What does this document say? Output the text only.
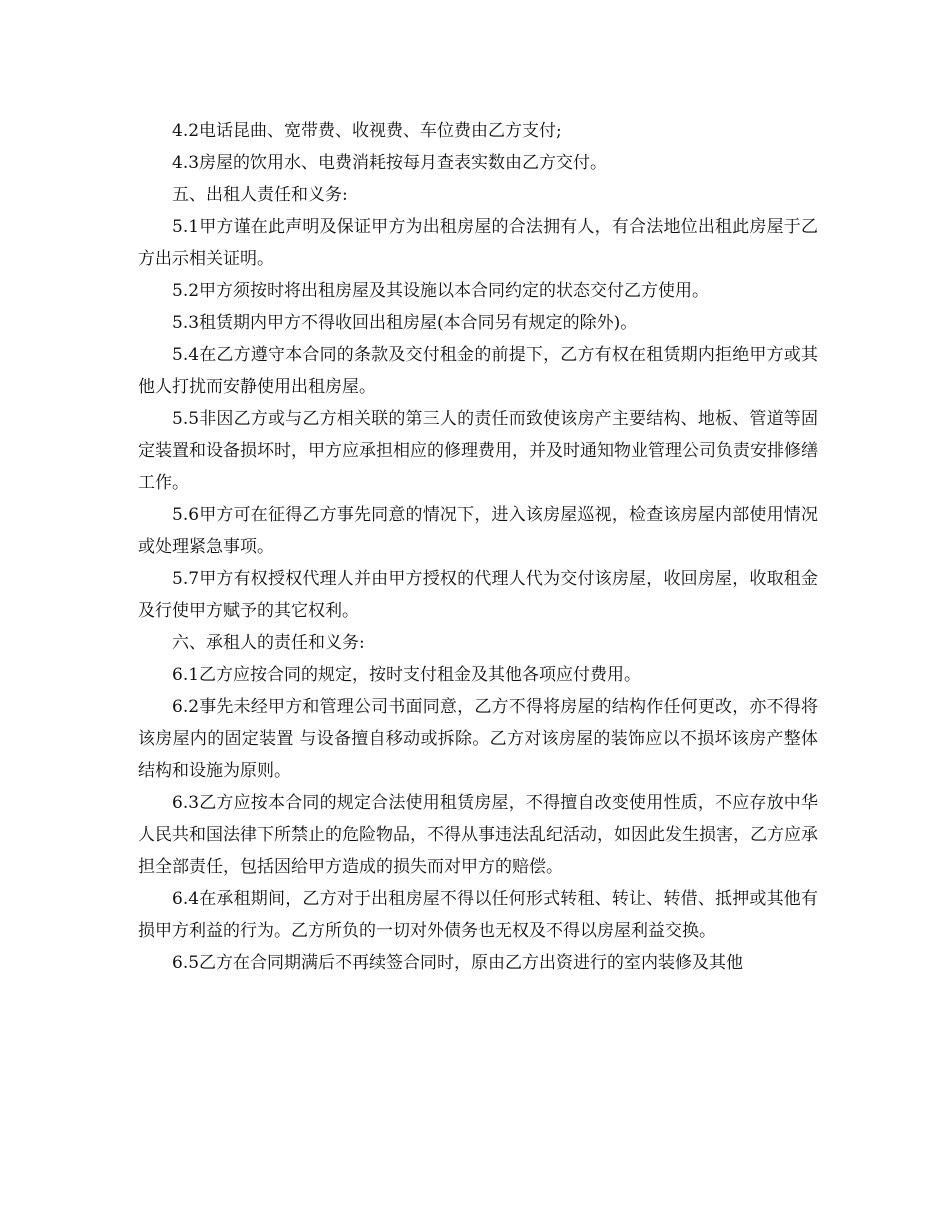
4.2电话昆曲、宽带费、收视费、车位费由乙方支付;

4.3房屋的饮用水、电费消耗按每月查表实数由乙方交付。

五、出租人责任和义务:

5.1甲方谨在此声明及保证甲方为出租房屋的合法拥有人，有合法地位出租此房屋于乙方出示相关证明。

5.2甲方须按时将出租房屋及其设施以本合同约定的状态交付乙方使用。

5.3租赁期内甲方不得收回出租房屋(本合同另有规定的除外)。

5.4在乙方遵守本合同的条款及交付租金的前提下，乙方有权在租赁期内拒绝甲方或其他人打扰而安静使用出租房屋。

5.5非因乙方或与乙方相关联的第三人的责任而致使该房产主要结构、地板、管道等固定装置和设备损坏时，甲方应承担相应的修理费用，并及时通知物业管理公司负责安排修缮工作。

5.6甲方可在征得乙方事先同意的情况下，进入该房屋巡视，检查该房屋内部使用情况或处理紧急事项。

5.7甲方有权授权代理人并由甲方授权的代理人代为交付该房屋，收回房屋，收取租金及行使甲方赋予的其它权利。

六、承租人的责任和义务:

6.1乙方应按合同的规定，按时支付租金及其他各项应付费用。

6.2事先未经甲方和管理公司书面同意，乙方不得将房屋的结构作任何更改，亦不得将该房屋内的固定装置 与设备擅自移动或拆除。乙方对该房屋的装饰应以不损坏该房产整体结构和设施为原则。

6.3乙方应按本合同的规定合法使用租赁房屋，不得擅自改变使用性质，不应存放中华人民共和国法律下所禁止的危险物品，不得从事违法乱纪活动，如因此发生损害，乙方应承担全部责任，包括因给甲方造成的损失而对甲方的赔偿。

6.4在承租期间，乙方对于出租房屋不得以任何形式转租、转让、转借、抵押或其他有损甲方利益的行为。乙方所负的一切对外债务也无权及不得以房屋利益交换。

6.5乙方在合同期满后不再续签合同时，原由乙方出资进行的室内装修及其他
